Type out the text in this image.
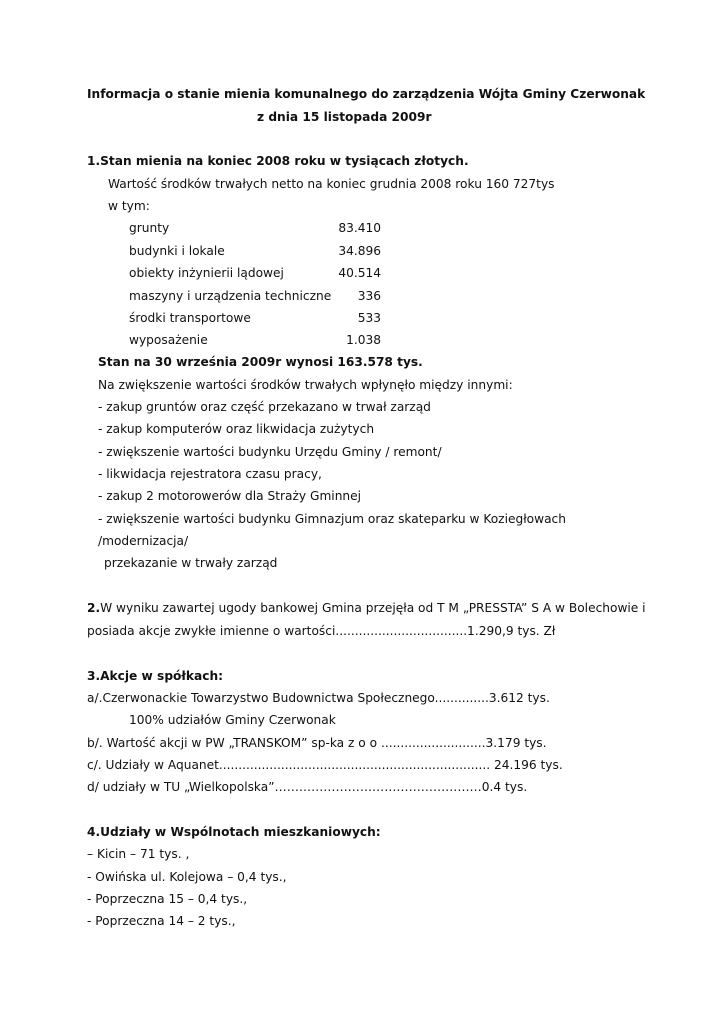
Informacja o stanie mienia komunalnego do zarządzenia Wójta Gminy Czerwonak
z dnia 15 listopada 2009r
1.Stan mienia na koniec 2008 roku w tysiącach złotych.
Wartość środków trwałych netto na koniec grudnia 2008 roku 160 727tys
w tym:
grunty	83.410
budynki i lokale	34.896
obiekty inżynierii lądowej	40.514
maszyny i urządzenia techniczne	336
środki transportowe	533
wyposażenie	1.038
Stan na 30 września 2009r wynosi 163.578 tys.
Na zwiększenie wartości środków trwałych wpłynęło między innymi:
- zakup gruntów oraz część przekazano w trwał zarząd
- zakup komputerów oraz likwidacja zużytych
- zwiększenie wartości budynku Urzędu Gminy / remont/
- likwidacja rejestratora czasu pracy,
- zakup 2 motorowerów dla Straży Gminnej
- zwiększenie wartości budynku Gimnazjum oraz skateparku w Koziegłowach
/modernizacja/
przekazanie w trwały zarząd
2.W wyniku zawartej ugody bankowej Gmina przejęła od T M „PRESSTA” S A w Bolechowie i
posiada akcje zwykłe imienne o wartości..................................1.290,9 tys. Zł
3.Akcje w spółkach:
a/.Czerwonackie Towarzystwo Budownictwa Społecznego..............3.612 tys.
100% udziałów Gminy Czerwonak
b/. Wartość akcji w PW „TRANSKOM” sp-ka z o o ...........................3.179 tys.
c/. Udziały w Aquanet...................................................................... 24.196 tys.
d/ udziały w TU „Wielkopolska”……………………………………………0.4 tys.
4.Udziały w Wspólnotach mieszkaniowych:
– Kicin – 71 tys. ,
- Owińska ul. Kolejowa – 0,4 tys.,
- Poprzeczna 15 – 0,4 tys.,
- Poprzeczna 14 – 2 tys.,
